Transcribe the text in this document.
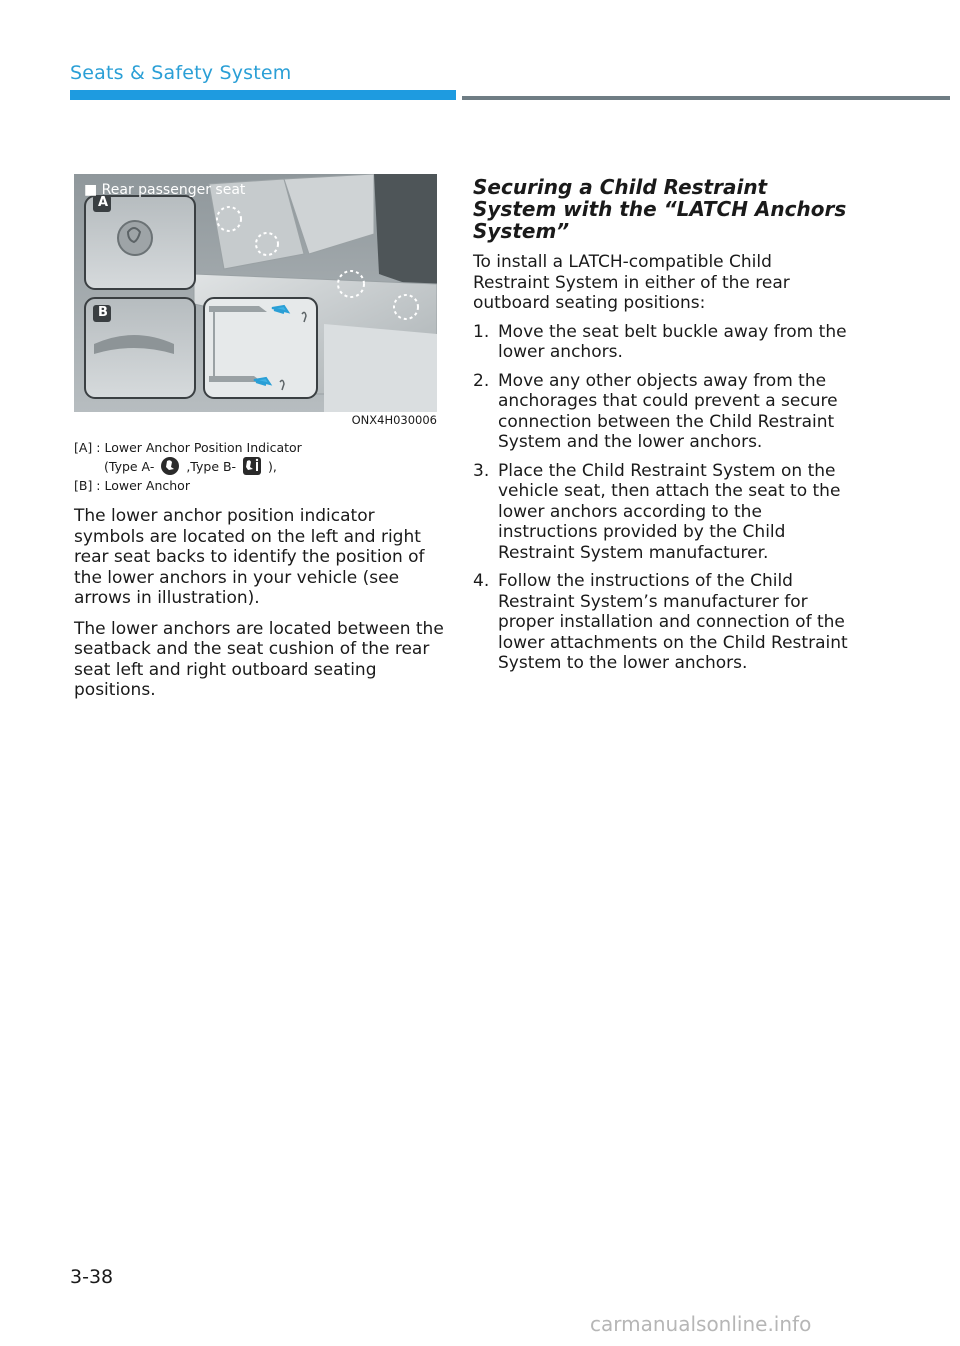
Seats & Safety System
■ Rear passenger seat
A
B
ONX4H030006
[A] : Lower Anchor Position Indicator
(Type A-	,Type B-	),
[B] : Lower Anchor

The lower anchor position indicator symbols are located on the left and right rear seat backs to identify the position of the lower anchors in your vehicle (see arrows in illustration).

The lower anchors are located between the seatback and the seat cushion of the rear seat left and right outboard seating positions.

Securing a Child Restraint System with the “LATCH Anchors System”

To install a LATCH-compatible Child Restraint System in either of the rear outboard seating positions:

1. Move the seat belt buckle away from the lower anchors.
2. Move any other objects away from the anchorages that could prevent a secure connection between the Child Restraint System and the lower anchors.
3. Place the Child Restraint System on the vehicle seat, then attach the seat to the lower anchors according to the instructions provided by the Child Restraint System manufacturer.
4. Follow the instructions of the Child Restraint System’s manufacturer for proper installation and connection of the lower attachments on the Child Restraint System to the lower anchors.
3-38
carmanualsonline.info
